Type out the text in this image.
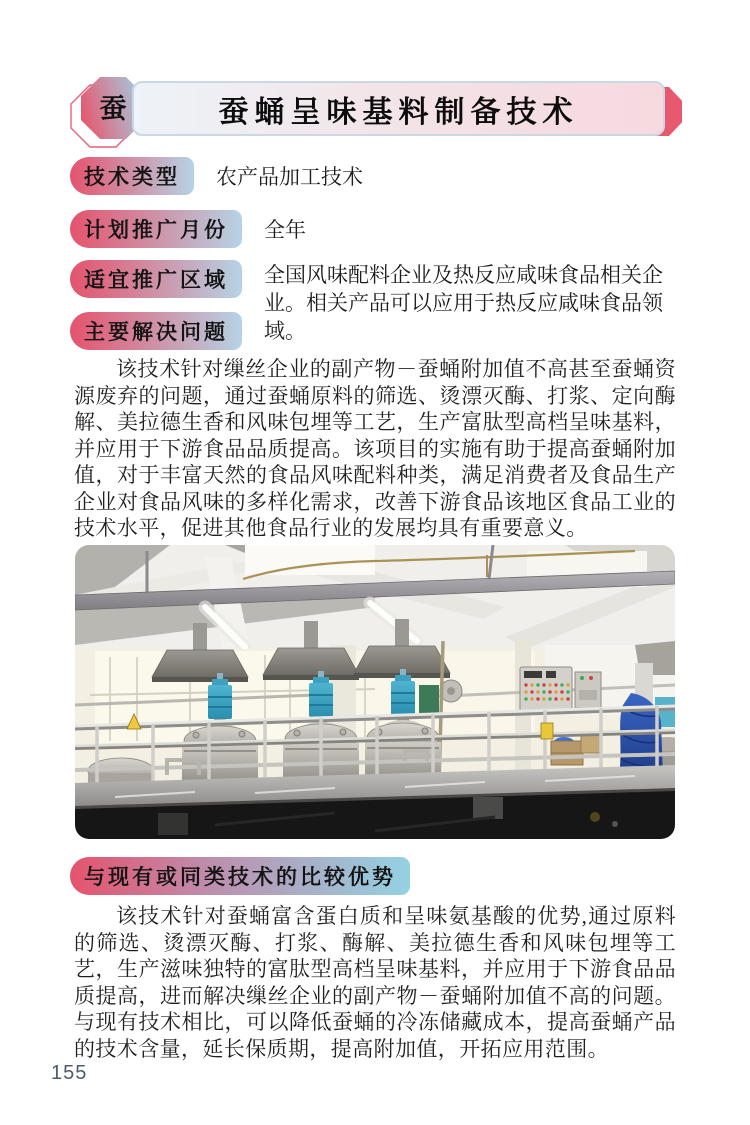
蚕	蚕蛹呈味基料制备技术
技术类型	农产品加工技术
计划推广月份	全年
适宜推广区域	全国风味配料企业及热反应咸味食品相关企业。相关产品可以应用于热反应咸味食品领域。
主要解决问题
该技术针对缫丝企业的副产物－蚕蛹附加值不高甚至蚕蛹资源废弃的问题，通过蚕蛹原料的筛选、烫漂灭酶、打浆、定向酶解、美拉德生香和风味包埋等工艺，生产富肽型高档呈味基料，并应用于下游食品品质提高。该项目的实施有助于提高蚕蛹附加值，对于丰富天然的食品风味配料种类，满足消费者及食品生产企业对食品风味的多样化需求，改善下游食品该地区食品工业的技术水平，促进其他食品行业的发展均具有重要意义。
与现有或同类技术的比较优势
该技术针对蚕蛹富含蛋白质和呈味氨基酸的优势,通过原料的筛选、烫漂灭酶、打浆、酶解、美拉德生香和风味包埋等工艺，生产滋味独特的富肽型高档呈味基料，并应用于下游食品品质提高，进而解决缫丝企业的副产物－蚕蛹附加值不高的问题。与现有技术相比，可以降低蚕蛹的冷冻储藏成本，提高蚕蛹产品的技术含量，延长保质期，提高附加值，开拓应用范围。
155
